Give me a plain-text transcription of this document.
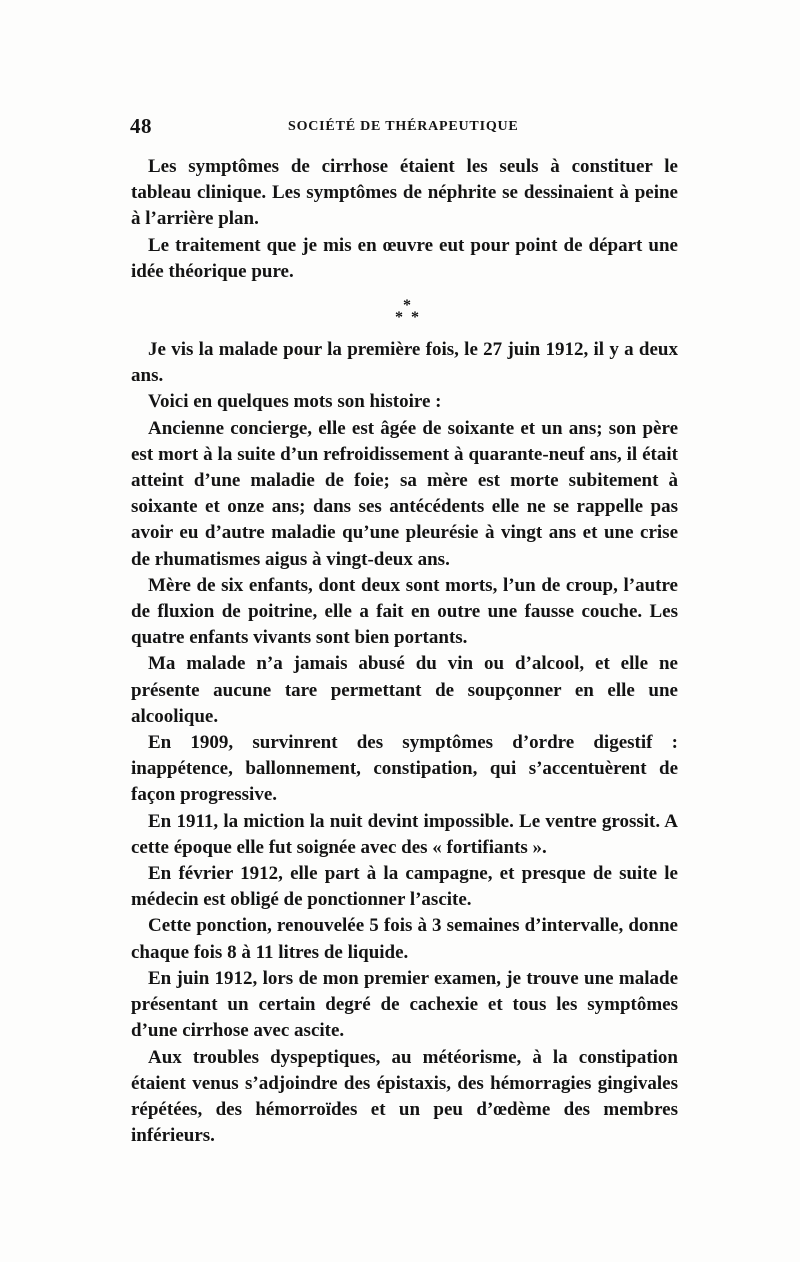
48	SOCIÉTÉ DE THÉRAPEUTIQUE

Les symptômes de cirrhose étaient les seuls à constituer le tableau clinique. Les symptômes de néphrite se dessinaient à peine à l’arrière plan.

Le traitement que je mis en œuvre eut pour point de départ une idée théorique pure.

*
* *

Je vis la malade pour la première fois, le 27 juin 1912, il y a deux ans.

Voici en quelques mots son histoire :

Ancienne concierge, elle est âgée de soixante et un ans; son père est mort à la suite d’un refroidissement à quarante-neuf ans, il était atteint d’une maladie de foie; sa mère est morte subitement à soixante et onze ans; dans ses antécédents elle ne se rappelle pas avoir eu d’autre maladie qu’une pleurésie à vingt ans et une crise de rhumatismes aigus à vingt-deux ans.

Mère de six enfants, dont deux sont morts, l’un de croup, l’autre de fluxion de poitrine, elle a fait en outre une fausse couche. Les quatre enfants vivants sont bien portants.

Ma malade n’a jamais abusé du vin ou d’alcool, et elle ne présente aucune tare permettant de soupçonner en elle une alcoolique.

En 1909, survinrent des symptômes d’ordre digestif : inappétence, ballonnement, constipation, qui s’accentuèrent de façon progressive.

En 1911, la miction la nuit devint impossible. Le ventre grossit. A cette époque elle fut soignée avec des « fortifiants ».

En février 1912, elle part à la campagne, et presque de suite le médecin est obligé de ponctionner l’ascite.

Cette ponction, renouvelée 5 fois à 3 semaines d’intervalle, donne chaque fois 8 à 11 litres de liquide.

En juin 1912, lors de mon premier examen, je trouve une malade présentant un certain degré de cachexie et tous les symptômes d’une cirrhose avec ascite.

Aux troubles dyspeptiques, au météorisme, à la constipation étaient venus s’adjoindre des épistaxis, des hémorragies gingivales répétées, des hémorroïdes et un peu d’œdème des membres inférieurs.
